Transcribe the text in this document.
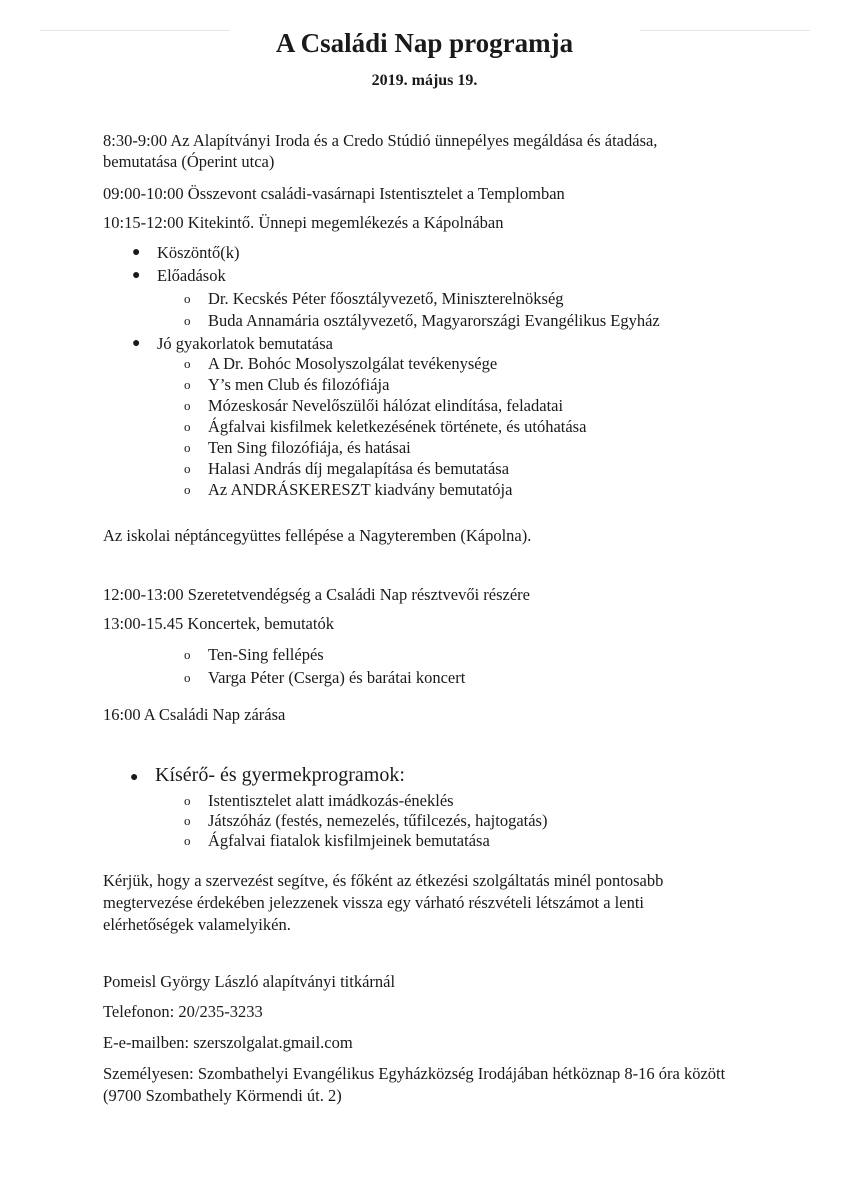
A Családi Nap programja
2019. május 19.
8:30-9:00 Az Alapítványi Iroda és a Credo Stúdió ünnepélyes megáldása és átadása,
bemutatása (Óperint utca)
09:00-10:00 Összevont családi-vasárnapi Istentisztelet a Templomban
10:15-12:00 Kitekintő. Ünnepi megemlékezés a Kápolnában
● Köszöntő(k)
● Előadások
o Dr. Kecskés Péter főosztályvezető, Miniszterelnökség
o Buda Annamária osztályvezető, Magyarországi Evangélikus Egyház
● Jó gyakorlatok bemutatása
o A Dr. Bohóc Mosolyszolgálat tevékenysége
o Y’s men Club és filozófiája
o Mózeskosár Nevelőszülői hálózat elindítása, feladatai
o Ágfalvai kisfilmek keletkezésének története, és utóhatása
o Ten Sing filozófiája, és hatásai
o Halasi András díj megalapítása és bemutatása
o Az ANDRÁSKERESZT kiadvány bemutatója
Az iskolai néptáncegyüttes fellépése a Nagyteremben (Kápolna).
12:00-13:00 Szeretetvendégség a Családi Nap résztvevői részére
13:00-15.45 Koncertek, bemutatók
o Ten-Sing fellépés
o Varga Péter (Cserga) és barátai koncert
16:00 A Családi Nap zárása
● Kísérő- és gyermekprogramok:
o Istentisztelet alatt imádkozás-éneklés
o Játszóház (festés, nemezelés, tűfilcezés, hajtogatás)
o Ágfalvai fiatalok kisfilmjeinek bemutatása
Kérjük, hogy a szervezést segítve, és főként az étkezési szolgáltatás minél pontosabb
megtervezése érdekében jelezzenek vissza egy várható részvételi létszámot a lenti
elérhetőségek valamelyikén.
Pomeisl György László alapítványi titkárnál
Telefonon: 20/235-3233
E-e-mailben: szerszolgalat.gmail.com
Személyesen: Szombathelyi Evangélikus Egyházközség Irodájában hétköznap 8-16 óra között
(9700 Szombathely Körmendi út. 2)
